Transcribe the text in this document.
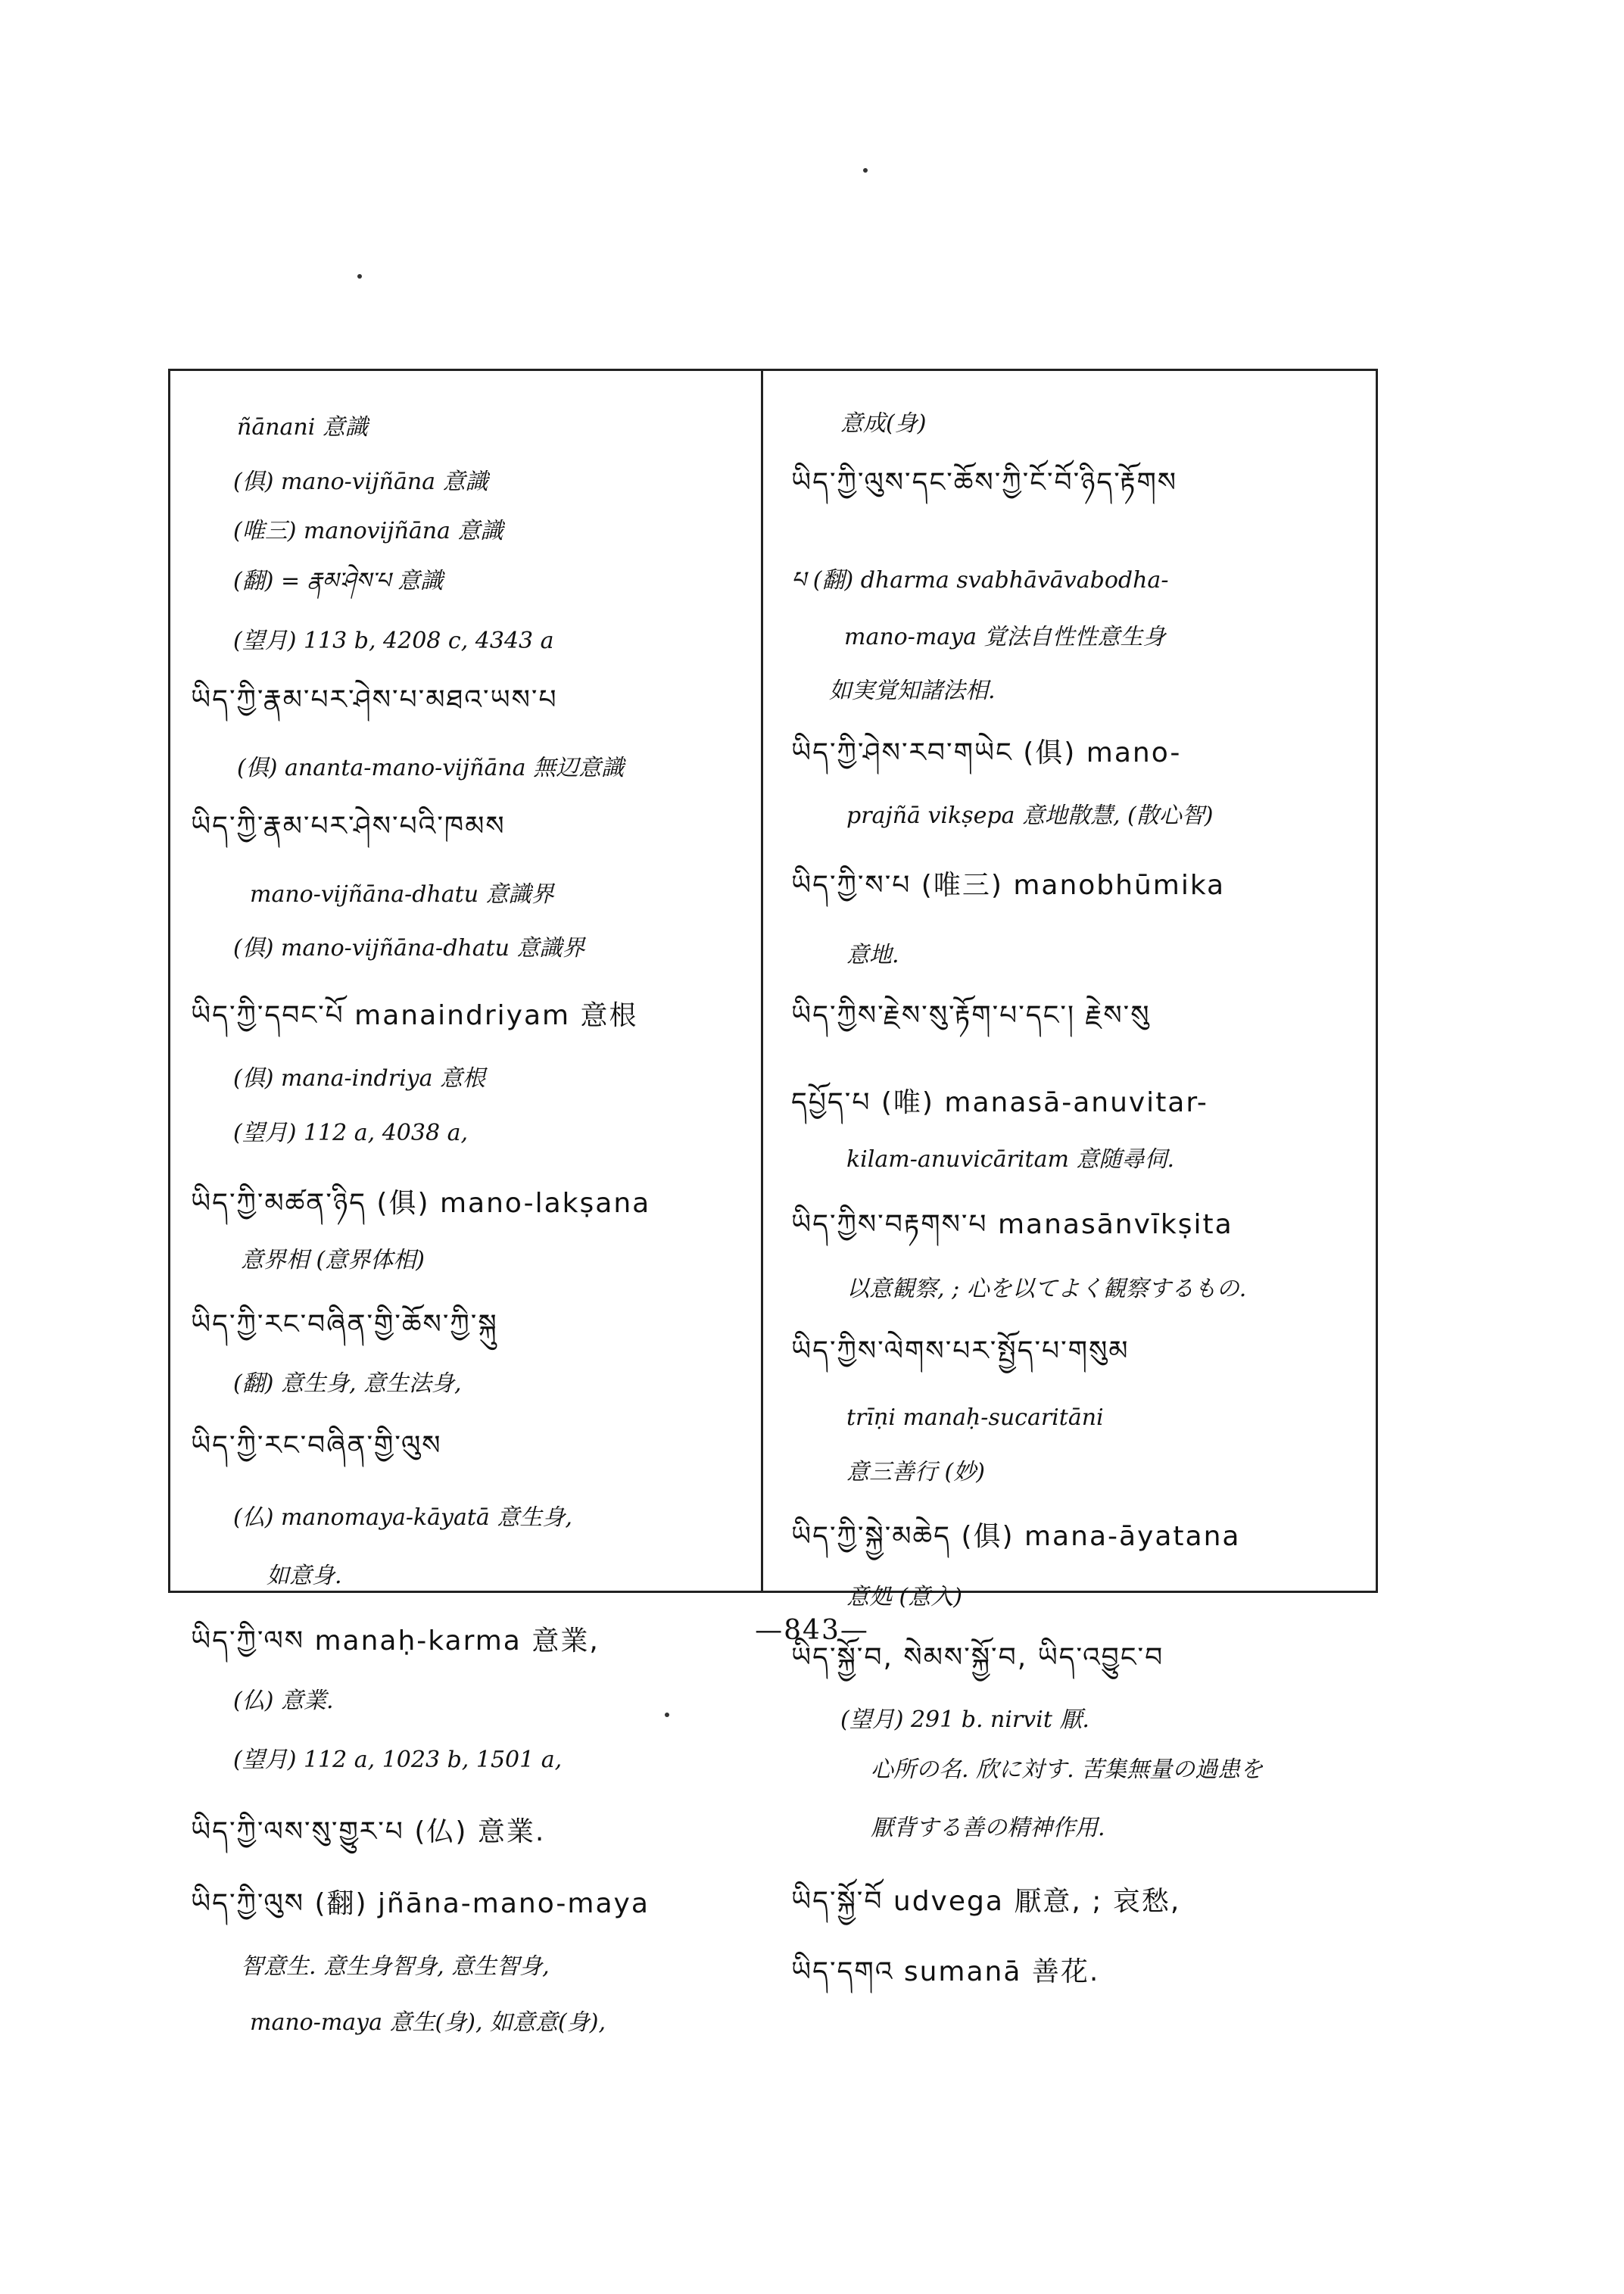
ñānani 意識
(俱) mano-vijñāna 意識
(唯三) manovijñāna 意識
(翻) = རྣམ་ཤེས་པ 意識
(望月) 113 b, 4208 c, 4343 a
ཡིད་ཀྱི་རྣམ་པར་ཤེས་པ་མཐའ་ཡས་པ
(俱) ananta-mano-vijñāna 無辺意識
ཡིད་ཀྱི་རྣམ་པར་ཤེས་པའི་ཁམས
mano-vijñāna-dhatu 意識界
(俱) mano-vijñāna-dhatu 意識界
ཡིད་ཀྱི་དབང་པོ manaindriyam 意根
(俱) mana-indriya 意根
(望月) 112 a, 4038 a,
ཡིད་ཀྱི་མཚན་ཉིད (俱) mano-lakṣana
意界相 (意界体相)
ཡིད་ཀྱི་རང་བཞིན་གྱི་ཆོས་ཀྱི་སྐུ
(翻) 意生身, 意生法身,
ཡིད་ཀྱི་རང་བཞིན་གྱི་ལུས
(仏) manomaya-kāyatā 意生身,
如意身.
ཡིད་ཀྱི་ལས manaḥ-karma 意業,
(仏) 意業.
(望月) 112 a, 1023 b, 1501 a,
ཡིད་ཀྱི་ལས་སུ་གྱུར་པ (仏) 意業.
ཡིད་ཀྱི་ལུས (翻) jñāna-mano-maya
智意生. 意生身智身, 意生智身,
mano-maya 意生(身), 如意意(身),
意成(身)
ཡིད་ཀྱི་ལུས་དང་ཆོས་ཀྱི་ངོ་བོ་ཉིད་རྟོགས
པ (翻) dharma svabhāvāvabodha-
mano-maya 覚法自性性意生身
如実覚知諸法相.
ཡིད་ཀྱི་ཤེས་རབ་གཡེང (俱) mano-
prajñā vikṣepa 意地散慧, (散心智)
ཡིད་ཀྱི་ས་པ (唯三) manobhūmika
意地.
ཡིད་ཀྱིས་རྗེས་སུ་རྟོག་པ་དང་། རྗེས་སུ
དཔྱོད་པ (唯) manasā-anuvitar-
kilam-anuvicāritam 意随尋伺.
ཡིད་ཀྱིས་བརྟགས་པ manasānvīkṣita
以意観察, ; 心を以てよく観察するもの.
ཡིད་ཀྱིས་ལེགས་པར་སྤྱོད་པ་གསུམ
trīṇi manaḥ-sucaritāni
意三善行 (妙)
ཡིད་ཀྱི་སྐྱེ་མཆེད (俱) mana-āyatana
意処 (意入)
ཡིད་སྐྱོ་བ, སེམས་སྐྱོ་བ, ཡིད་འབྱུང་བ
(望月) 291 b. nirvit 厭.
心所の名. 欣に対す. 苦集無量の過患を
厭背する善の精神作用.
ཡིད་སྐྱོ་བོ udvega 厭意, ; 哀愁,
ཡིད་དགའ sumanā 善花.
—843—
